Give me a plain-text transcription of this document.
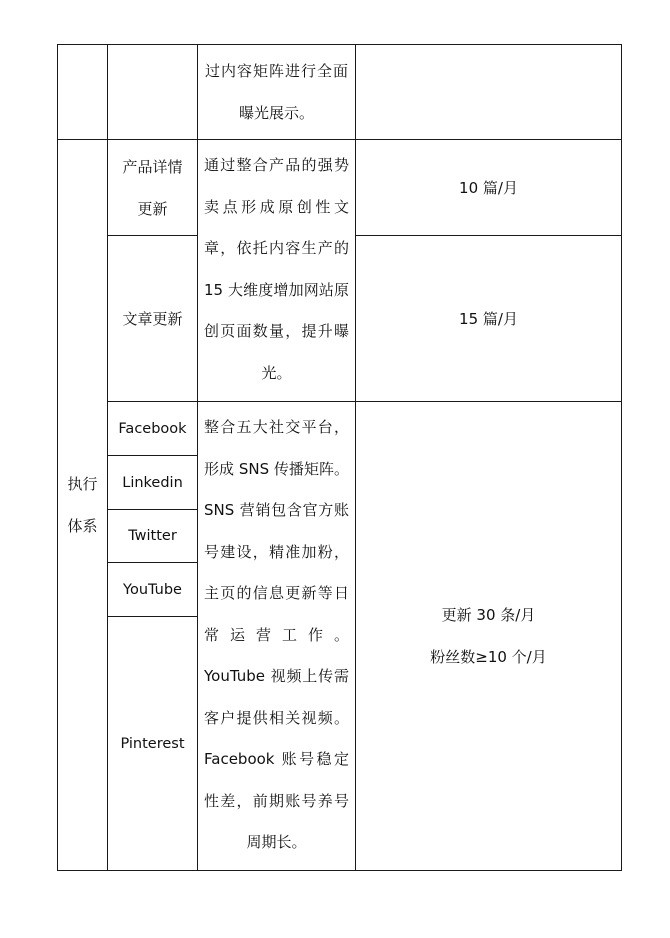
过内容矩阵进行全面曝光展示。
执行体系
产品详情更新
10 篇/月
文章更新	15 篇/月
通过整合产品的强势卖点形成原创性文章，依托内容生产的 15 大维度增加网站原创页面数量，提升曝光。
Facebook
Linkedin
Twitter
YouTube
Pinterest
整合五大社交平台，形成 SNS 传播矩阵。SNS 营销包含官方账号建设，精准加粉，主页的信息更新等日常运营工作。YouTube 视频上传需客户提供相关视频。Facebook 账号稳定性差，前期账号养号周期长。
更新 30 条/月
粉丝数≥10 个/月
